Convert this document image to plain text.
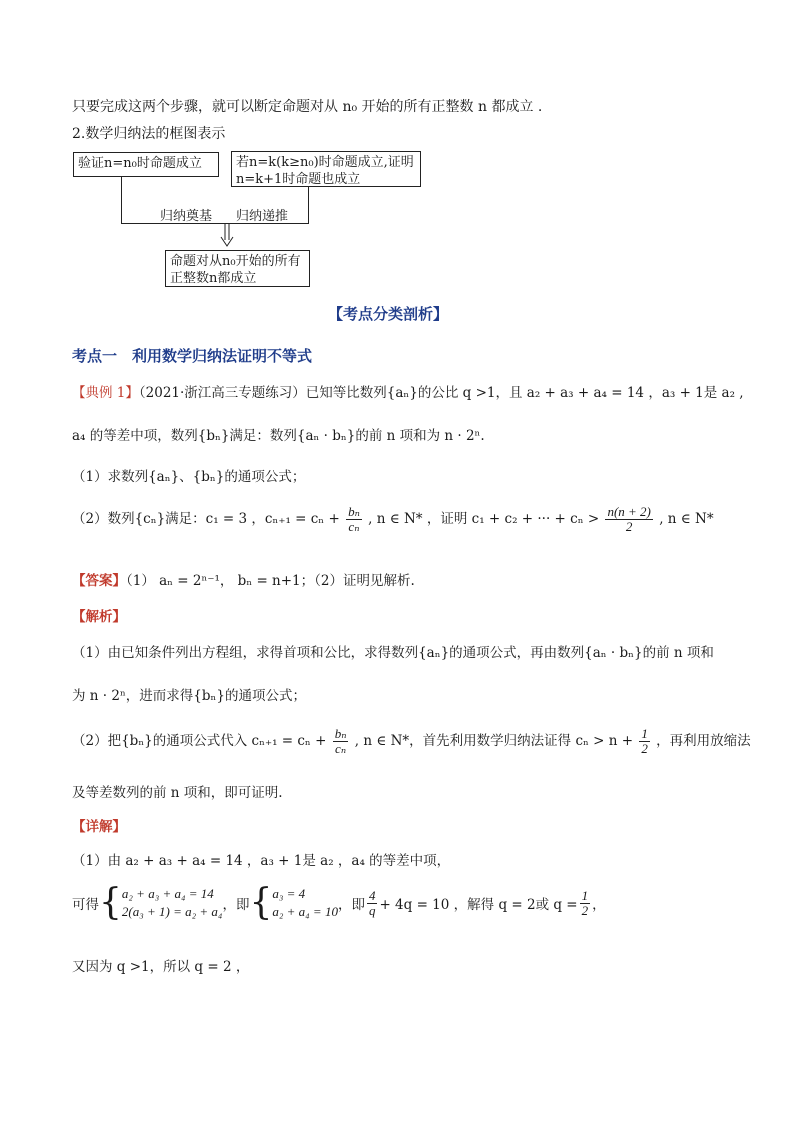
只要完成这两个步骤，就可以断定命题对从 n₀ 开始的所有正整数 n 都成立 .
2.数学归纳法的框图表示
验证n=n₀时命题成立	若n=k(k≥n₀)时命题成立,证明
n=k+1时命题也成立
归纳奠基 归纳递推
命题对从n₀开始的所有
正整数n都成立
【考点分类剖析】
考点一　利用数学归纳法证明不等式
【典例 1】（2021·浙江高三专题练习）已知等比数列{aₙ}的公比 q >1，且 a₂ + a₃ + a₄ = 14 ，a₃ + 1是 a₂ ,
a₄ 的等差中项，数列{bₙ}满足：数列{aₙ · bₙ}的前 n 项和为 n · 2ⁿ.
（1）求数列{aₙ}、{bₙ}的通项公式；
（2）数列{cₙ}满足：c₁ = 3 ，$c_{n+1} = c_n + \frac{\text{bₙ}}{\text{cₙ}}$ , n ∈ N* ，证明 c₁ + c₂ + ··· + $c_n > \frac{n(n + 2)}{2}$ , n ∈ N*
【答案】（1） aₙ = 2ⁿ⁻¹， bₙ = n+1；（2）证明见解析.
【解析】
（1）由已知条件列出方程组，求得首项和公比，求得数列{aₙ}的通项公式，再由数列{aₙ · bₙ}的前 n 项和
为 n · 2ⁿ，进而求得{bₙ}的通项公式；
（2）把{bₙ}的通项公式代入 $c_{n+1} = c_n + \frac{\text{bₙ}}{\text{cₙ}}$ , n ∈ N*，首先利用数学归纳法证得 $c_n > n + \frac{1}{2}$ ，再利用放缩法
及等差数列的前 n 项和，即可证明.
【详解】
（1）由 a₂ + a₃ + a₄ = 14 ，a₃ + 1是 a₂ ，a₄ 的等差中项，
可得{ a₂ + a₃ + a₄ = 14
2(a₃ + 1) = a₂ + a₄ ，即{ a₃ = 4
a₂ + a₄ = 10 ，即 $\frac{4}{q} + 4q = 10$ ，解得 q = 2或 $q = \frac{1}{2}$ ，
又因为 q >1，所以 q = 2 ，
